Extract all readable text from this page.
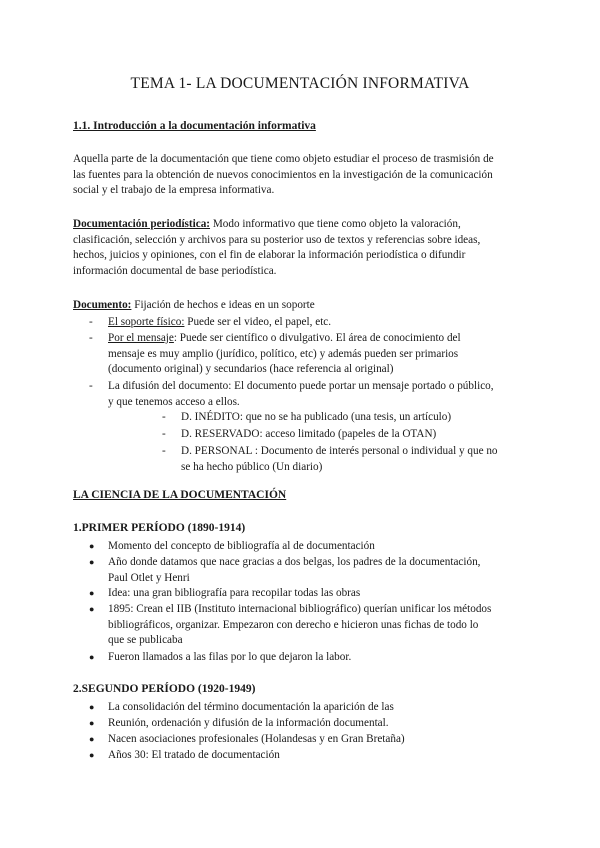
TEMA 1- LA DOCUMENTACIÓN INFORMATIVA
1.1. Introducción a la documentación informativa
Aquella parte de la documentación que tiene como objeto estudiar el proceso de trasmisión de
las fuentes para la obtención de nuevos conocimientos en la investigación de la comunicación
social y el trabajo de la empresa informativa.
Documentación periodística: Modo informativo que tiene como objeto la valoración,
clasificación, selección y archivos para su posterior uso de textos y referencias sobre ideas,
hechos, juicios y opiniones, con el fin de elaborar la información periodística o difundir
información documental de base periodística.
Documento: Fijación de hechos e ideas en un soporte
- El soporte físico: Puede ser el video, el papel, etc.
- Por el mensaje: Puede ser científico o divulgativo. El área de conocimiento del
mensaje es muy amplio (jurídico, político, etc) y además pueden ser primarios
(documento original) y secundarios (hace referencia al original)
- La difusión del documento: El documento puede portar un mensaje portado o público,
y que tenemos acceso a ellos.
- D. INÉDITO: que no se ha publicado (una tesis, un artículo)
- D. RESERVADO: acceso limitado (papeles de la OTAN)
- D. PERSONAL : Documento de interés personal o individual y que no
se ha hecho público (Un diario)
LA CIENCIA DE LA DOCUMENTACIÓN
1.PRIMER PERÍODO (1890-1914)
● Momento del concepto de bibliografía al de documentación
● Año donde datamos que nace gracias a dos belgas, los padres de la documentación,
Paul Otlet y Henri
● Idea: una gran bibliografía para recopilar todas las obras
● 1895: Crean el IIB (Instituto internacional bibliográfico) querían unificar los métodos
bibliográficos, organizar. Empezaron con derecho e hicieron unas fichas de todo lo
que se publicaba
● Fueron llamados a las filas por lo que dejaron la labor.
2.SEGUNDO PERÍODO (1920-1949)
● La consolidación del término documentación la aparición de las
● Reunión, ordenación y difusión de la información documental.
● Nacen asociaciones profesionales (Holandesas y en Gran Bretaña)
● Años 30: El tratado de documentación
